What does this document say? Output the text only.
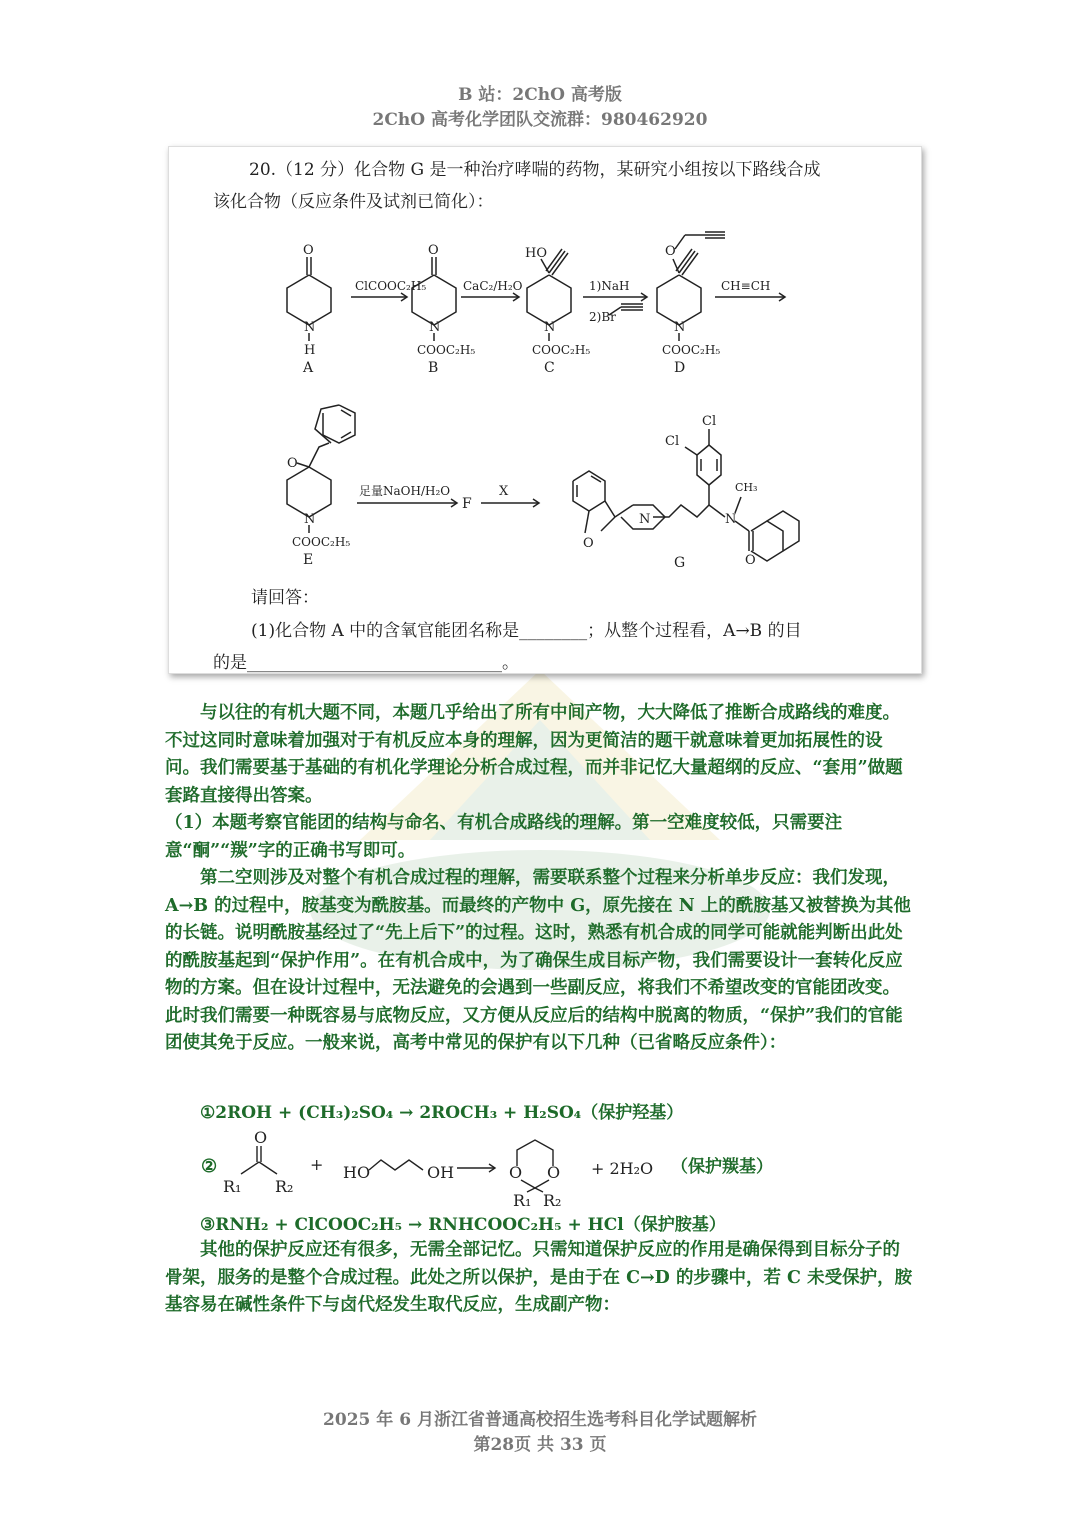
B 站：2ChO 高考版
2ChO 高考化学团队交流群：980462920
20.（12 分）化合物 G 是一种治疗哮喘的药物，某研究小组按以下路线合成
该化合物（反应条件及试剂已简化）：
O
N
H
A
ClCOOC₂H₅
O
N
COOC₂H₅
B
CaC₂/H₂O
HO
N
COOC₂H₅
C
1)NaH
2)Br
O
N
COOC₂H₅
D
CH≡CH
O
N
COOC₂H₅
E
足量NaOH/H₂O
F
X
O
N	N
CH₃
O
Cl
Cl
G
请回答：
(1)化合物 A 中的含氧官能团名称是________；从整个过程看，A→B 的目
的是______________________________。

与以往的有机大题不同，本题几乎给出了所有中间产物，大大降低了推断合成路线的难度。不过这同时意味着加强对于有机反应本身的理解，因为更简洁的题干就意味着更加拓展性的设问。我们需要基于基础的有机化学理论分析合成过程，而并非记忆大量超纲的反应、“套用”做题套路直接得出答案。

（1）本题考察官能团的结构与命名、有机合成路线的理解。第一空难度较低，只需要注意“酮”“羰”字的正确书写即可。

第二空则涉及对整个有机合成过程的理解，需要联系整个过程来分析单步反应：我们发现，A→B 的过程中，胺基变为酰胺基。而最终的产物中 G，原先接在 N 上的酰胺基又被替换为其他的长链。说明酰胺基经过了“先上后下”的过程。这时，熟悉有机合成的同学可能就能判断出此处的酰胺基起到“保护作用”。在有机合成中，为了确保生成目标产物，我们需要设计一套转化反应物的方案。但在设计过程中，无法避免的会遇到一些副反应，将我们不希望改变的官能团改变。此时我们需要一种既容易与底物反应，又方便从反应后的结构中脱离的物质，“保护”我们的官能团使其免于反应。一般来说，高考中常见的保护有以下几种（已省略反应条件）：

①2ROH + (CH₃)₂SO₄ → 2ROCH₃ + H₂SO₄（保护羟基）
②
O
R₁ R₂
+ HO	OH	O O
R₁ R₂
+ 2H₂O （保护羰基）
③RNH₂ + ClCOOC₂H₅ → RNHCOOC₂H₅ + HCl（保护胺基）

其他的保护反应还有很多，无需全部记忆。只需知道保护反应的作用是确保得到目标分子的骨架，服务的是整个合成过程。此处之所以保护，是由于在 C→D 的步骤中，若 C 未受保护，胺基容易在碱性条件下与卤代烃发生取代反应，生成副产物：

2025 年 6 月浙江省普通高校招生选考科目化学试题解析
第28页 共 33 页
